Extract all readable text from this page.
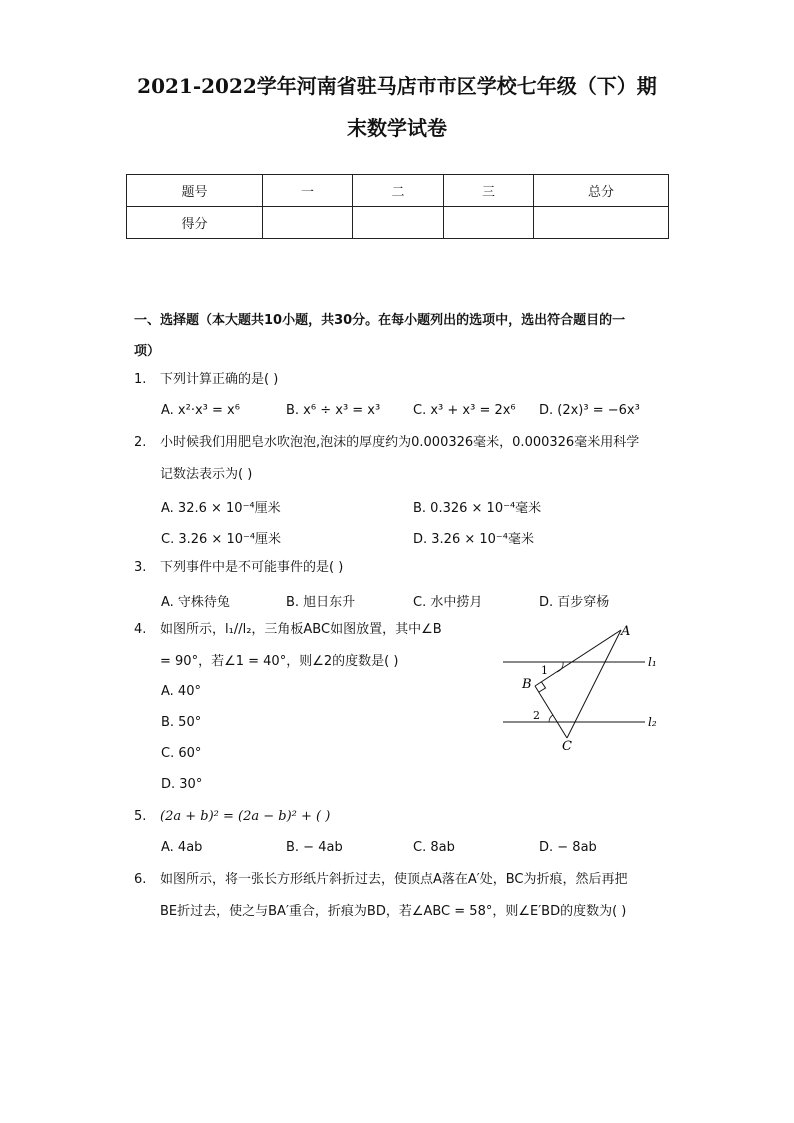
2021-2022学年河南省驻马店市市区学校七年级（下）期
末数学试卷
题号	一	二	三	总分
得分				
一、选择题（本大题共10小题，共30分。在每小题列出的选项中，选出符合题目的一
项）
1. 下列计算正确的是( )
A. x²·x³ = x⁶	B. x⁶ ÷ x³ = x³	C. x³ + x³ = 2x⁶ D. (2x)³ = −6x³
2. 小时候我们用肥皂水吹泡泡,泡沫的厚度约为0.000326毫米，0.000326毫米用科学
记数法表示为( )
A. 32.6 × 10⁻⁴厘米	B. 0.326 × 10⁻⁴毫米
C. 3.26 × 10⁻⁴厘米	D. 3.26 × 10⁻⁴毫米
3. 下列事件中是不可能事件的是( )
A. 守株待兔	B. 旭日东升	C. 水中捞月	D. 百步穿杨
4. 如图所示，l₁//l₂，三角板ABC如图放置，其中∠B
= 90°，若∠1 = 40°，则∠2的度数是( )
A. 40°
B. 50°
C. 60°
D. 30°
A
B
C
1
2
l₁
l₂
5. (2a + b)² = (2a − b)² + ( )
A. 4ab	B. − 4ab	C. 8ab	D. − 8ab
6. 如图所示，将一张长方形纸片斜折过去，使顶点A落在A′处，BC为折痕，然后再把
BE折过去，使之与BA′重合，折痕为BD，若∠ABC = 58°，则∠E′BD的度数为( )
